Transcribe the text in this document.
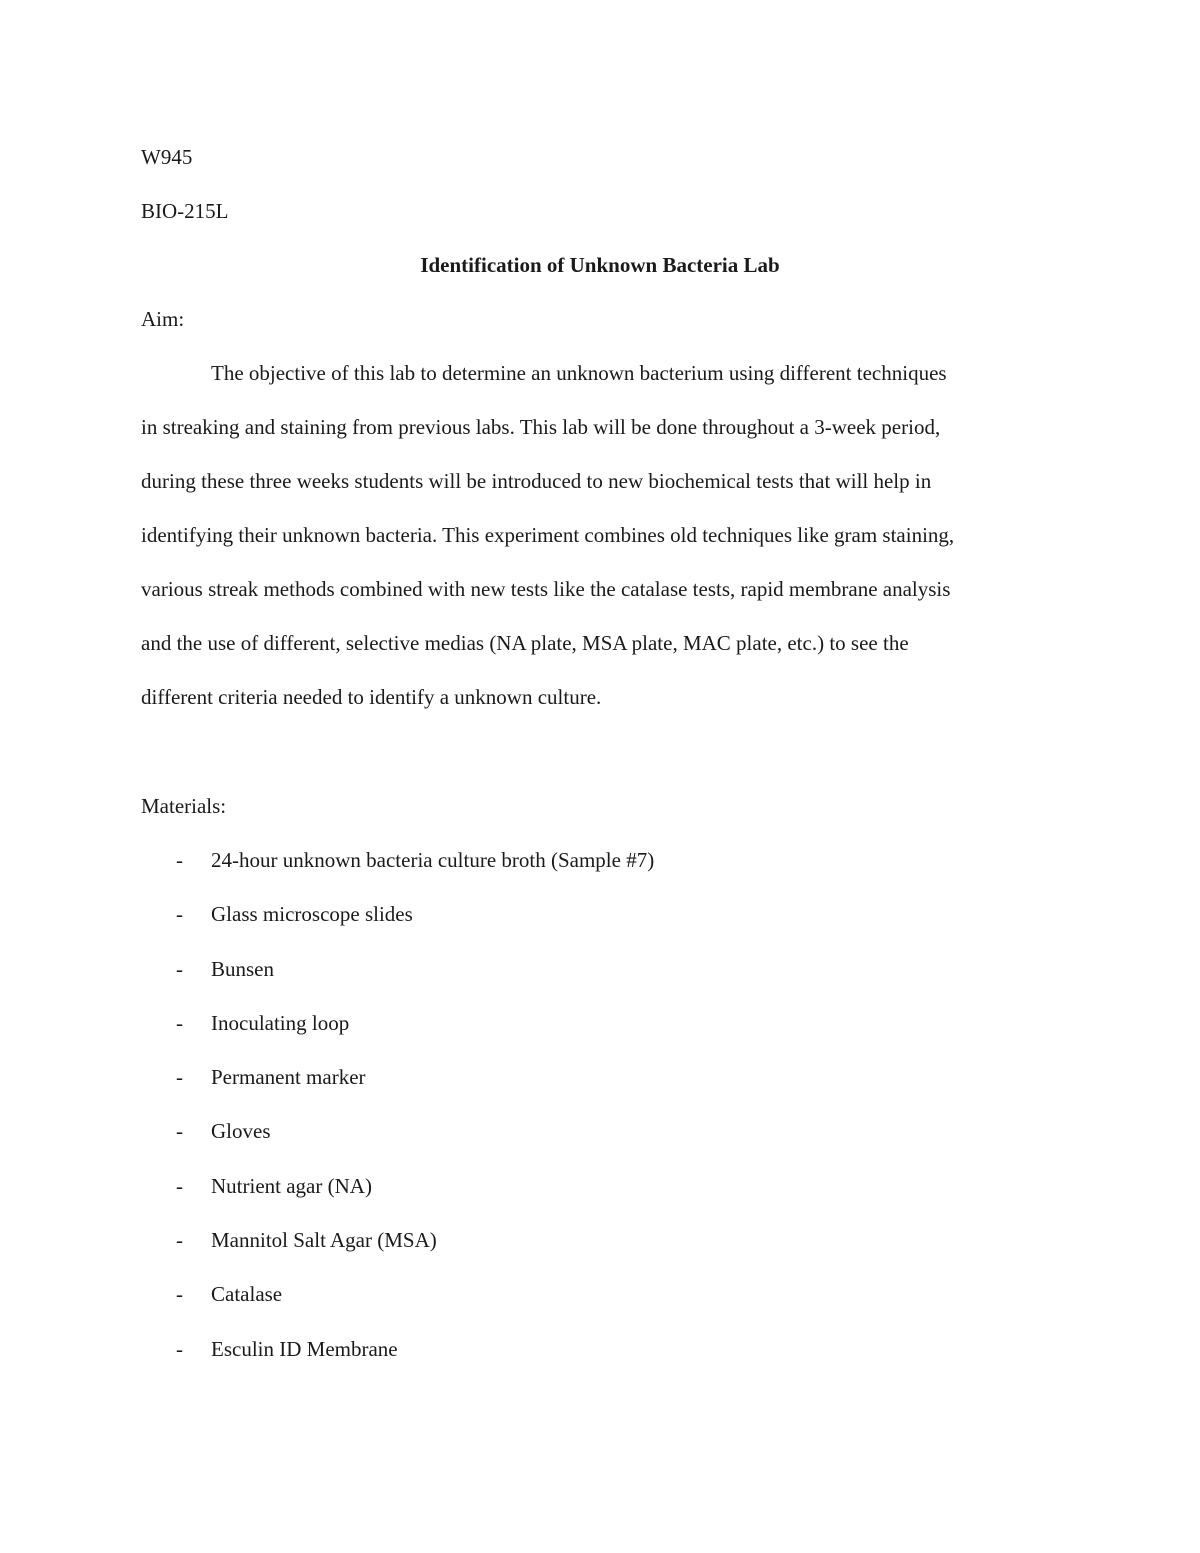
W945
BIO-215L
Identification of Unknown Bacteria Lab
Aim:
The objective of this lab to determine an unknown bacterium using different techniques
in streaking and staining from previous labs. This lab will be done throughout a 3-week period,
during these three weeks students will be introduced to new biochemical tests that will help in
identifying their unknown bacteria. This experiment combines old techniques like gram staining,
various streak methods combined with new tests like the catalase tests, rapid membrane analysis
and the use of different, selective medias (NA plate, MSA plate, MAC plate, etc.) to see the
different criteria needed to identify a unknown culture.
Materials:
- 24-hour unknown bacteria culture broth (Sample #7)
- Glass microscope slides
- Bunsen
- Inoculating loop
- Permanent marker
- Gloves
- Nutrient agar (NA)
- Mannitol Salt Agar (MSA)
- Catalase
- Esculin ID Membrane
